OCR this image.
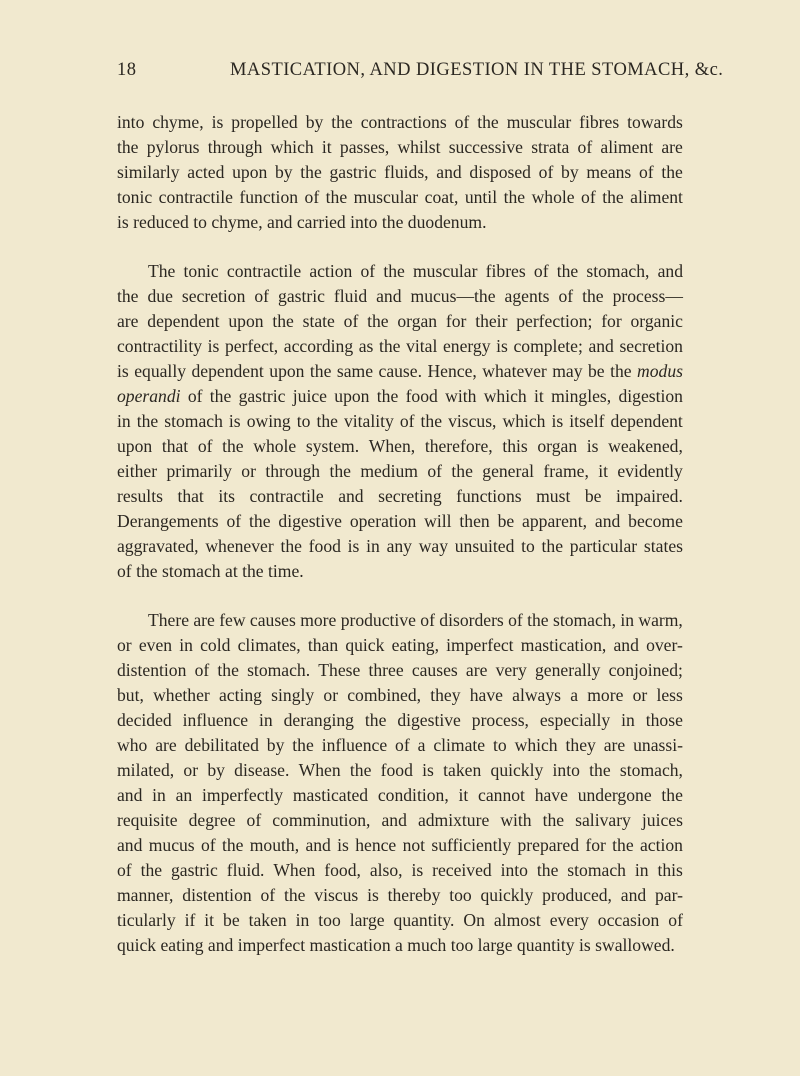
18	MASTICATION, AND DIGESTION IN THE STOMACH, &c.
into chyme, is propelled by the contractions of the muscular fibres towards
the pylorus through which it passes, whilst successive strata of aliment are
similarly acted upon by the gastric fluids, and disposed of by means of the
tonic contractile function of the muscular coat, until the whole of the aliment
is reduced to chyme, and carried into the duodenum.
The tonic contractile action of the muscular fibres of the stomach, and
the due secretion of gastric fluid and mucus—the agents of the process—
are dependent upon the state of the organ for their perfection; for organic
contractility is perfect, according as the vital energy is complete; and secretion
is equally dependent upon the same cause. Hence, whatever may be the modus
operandi of the gastric juice upon the food with which it mingles, digestion
in the stomach is owing to the vitality of the viscus, which is itself dependent
upon that of the whole system. When, therefore, this organ is weakened,
either primarily or through the medium of the general frame, it evidently
results that its contractile and secreting functions must be impaired.
Derangements of the digestive operation will then be apparent, and become
aggravated, whenever the food is in any way unsuited to the particular states
of the stomach at the time.
There are few causes more productive of disorders of the stomach, in warm,
or even in cold climates, than quick eating, imperfect mastication, and over-
distention of the stomach. These three causes are very generally conjoined;
but, whether acting singly or combined, they have always a more or less
decided influence in deranging the digestive process, especially in those
who are debilitated by the influence of a climate to which they are unassi-
milated, or by disease. When the food is taken quickly into the stomach,
and in an imperfectly masticated condition, it cannot have undergone the
requisite degree of comminution, and admixture with the salivary juices
and mucus of the mouth, and is hence not sufficiently prepared for the action
of the gastric fluid. When food, also, is received into the stomach in this
manner, distention of the viscus is thereby too quickly produced, and par-
ticularly if it be taken in too large quantity. On almost every occasion of
quick eating and imperfect mastication a much too large quantity is swallowed.
